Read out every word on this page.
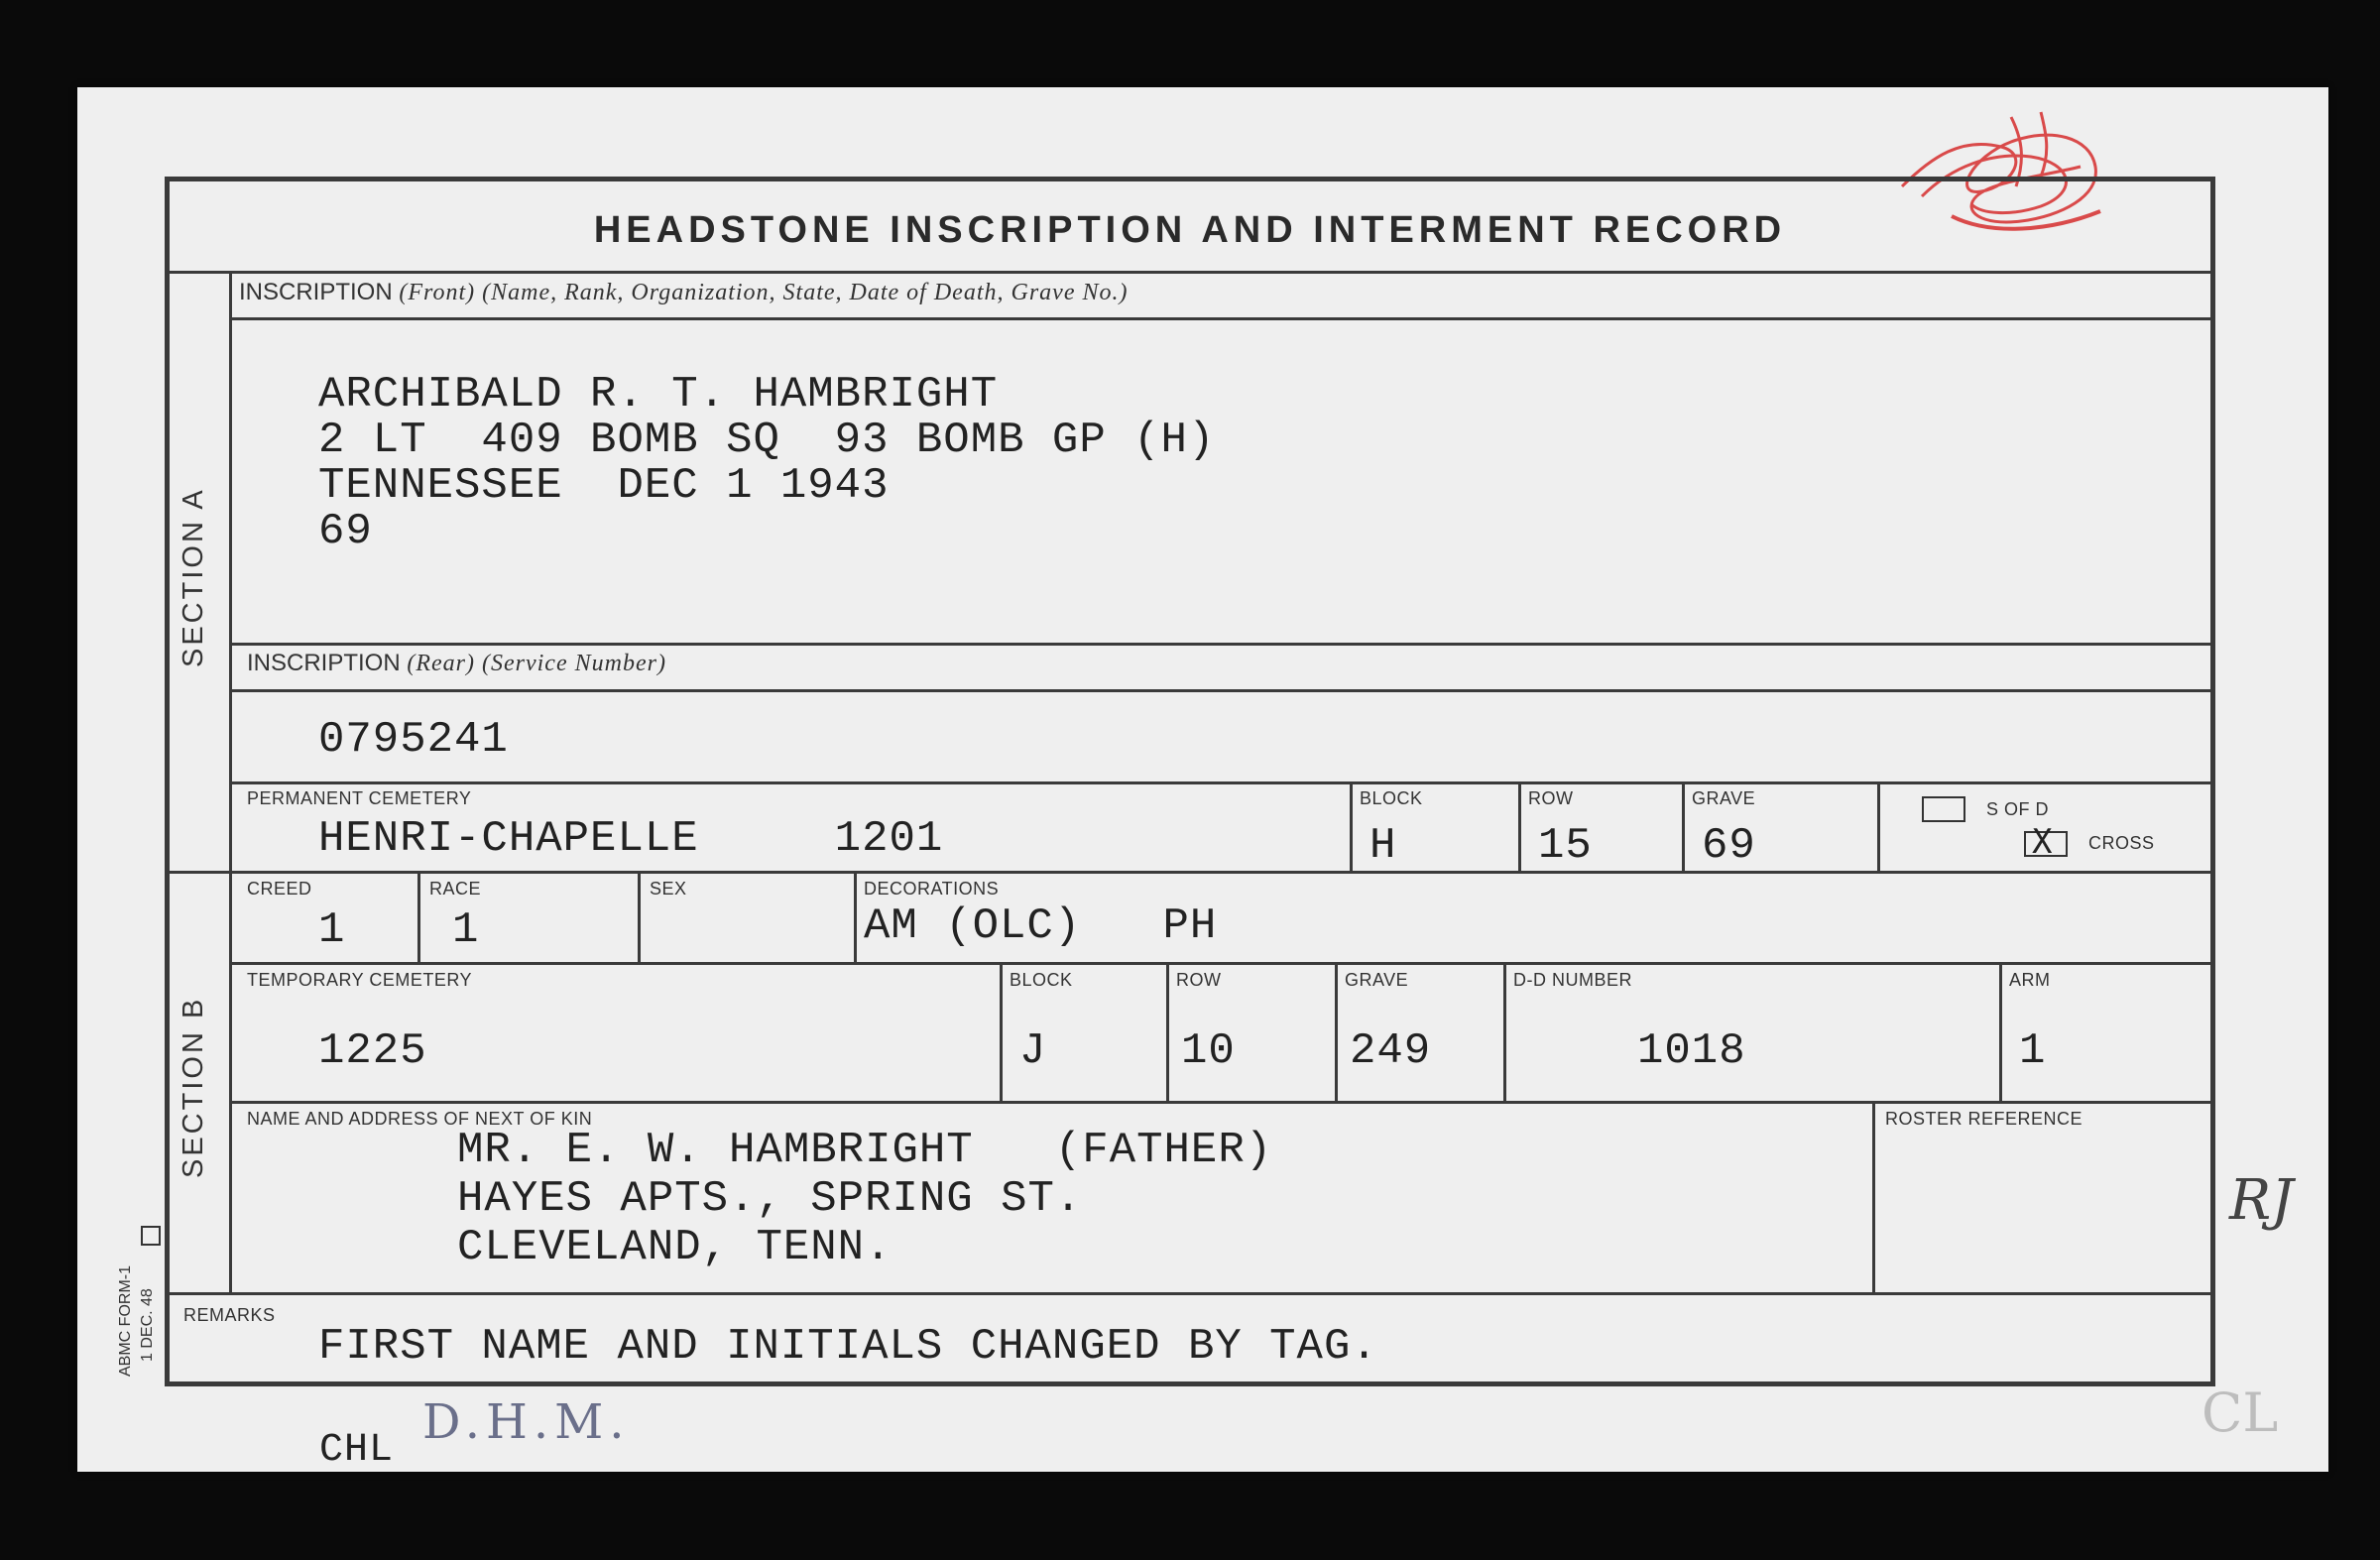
HEADSTONE INSCRIPTION AND INTERMENT RECORD
SECTION A
SECTION B
INSCRIPTION (Front) (Name, Rank, Organization, State, Date of Death, Grave No.)
ARCHIBALD R. T. HAMBRIGHT
2 LT  409 BOMB SQ  93 BOMB GP (H)
TENNESSEE  DEC 1 1943
69
INSCRIPTION (Rear) (Service Number)
0795241
PERMANENT CEMETERY
HENRI-CHAPELLE     1201
BLOCK
H
ROW
15
GRAVE
69
S OF D
X CROSS
CREED
1
RACE
1
SEX	DECORATIONS
AM (OLC)   PH
TEMPORARY CEMETERY
1225
BLOCK
J
ROW
10
GRAVE
249
D-D NUMBER
1018
ARM
1
NAME AND ADDRESS OF NEXT OF KIN
MR. E. W. HAMBRIGHT   (FATHER)
HAYES APTS., SPRING ST.
CLEVELAND, TENN.
ROSTER REFERENCE
REMARKS
FIRST NAME AND INITIALS CHANGED BY TAG.
ABMC FORM-1 1 DEC. 48
CHL
D.H.M.
RJ
CL
